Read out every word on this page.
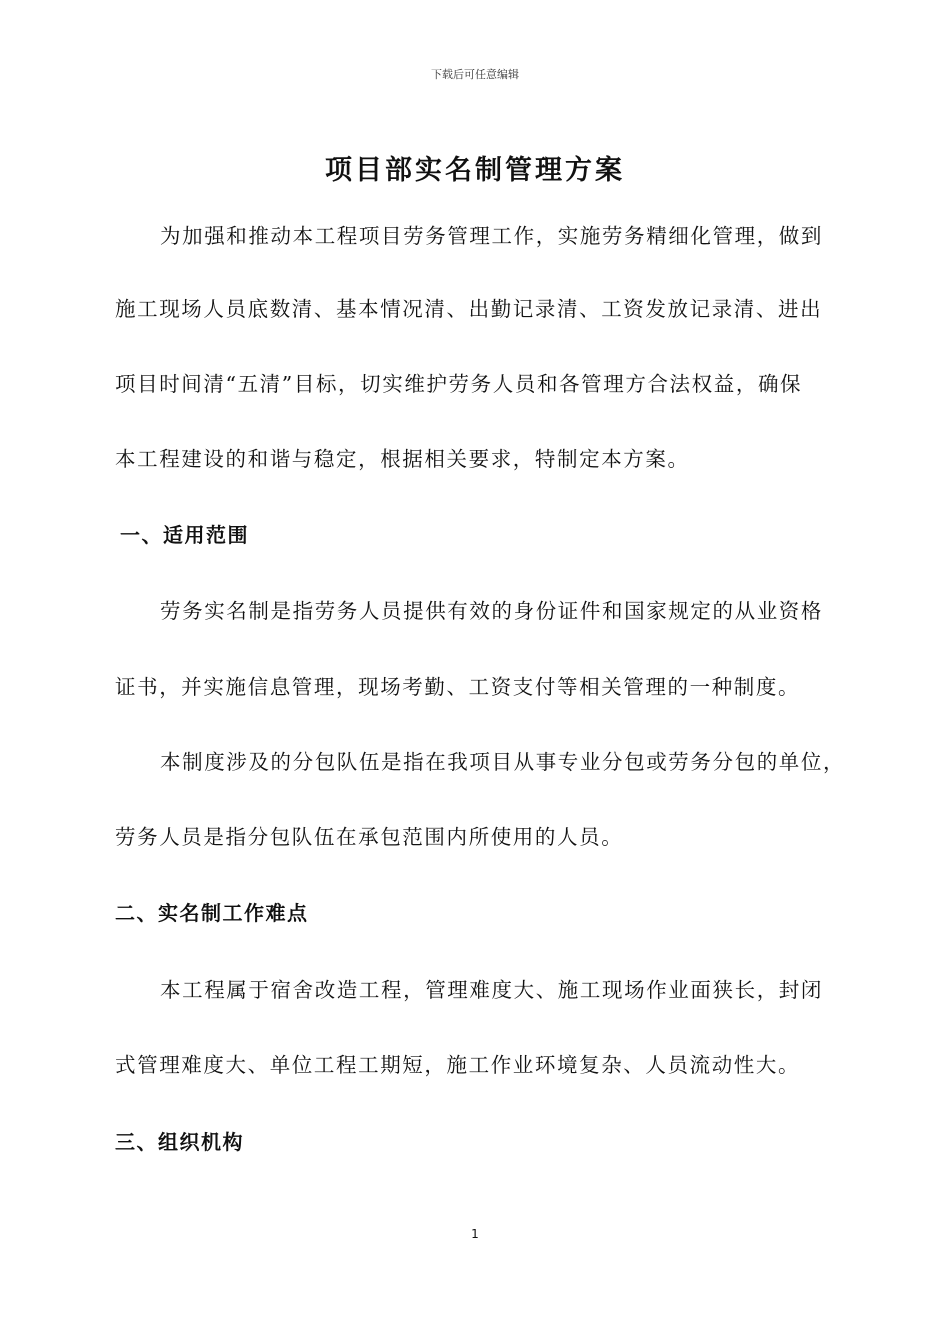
下载后可任意编辑
项目部实名制管理方案
为加强和推动本工程项目劳务管理工作，实施劳务精细化管理，做到
施工现场人员底数清、基本情况清、出勤记录清、工资发放记录清、进出
项目时间清“五清”目标，切实维护劳务人员和各管理方合法权益，确保
本工程建设的和谐与稳定，根据相关要求，特制定本方案。
一、适用范围
劳务实名制是指劳务人员提供有效的身份证件和国家规定的从业资格
证书，并实施信息管理，现场考勤、工资支付等相关管理的一种制度。
本制度涉及的分包队伍是指在我项目从事专业分包或劳务分包的单位，
劳务人员是指分包队伍在承包范围内所使用的人员。
二、实名制工作难点
本工程属于宿舍改造工程，管理难度大、施工现场作业面狭长，封闭
式管理难度大、单位工程工期短，施工作业环境复杂、人员流动性大。
三、组织机构
1
